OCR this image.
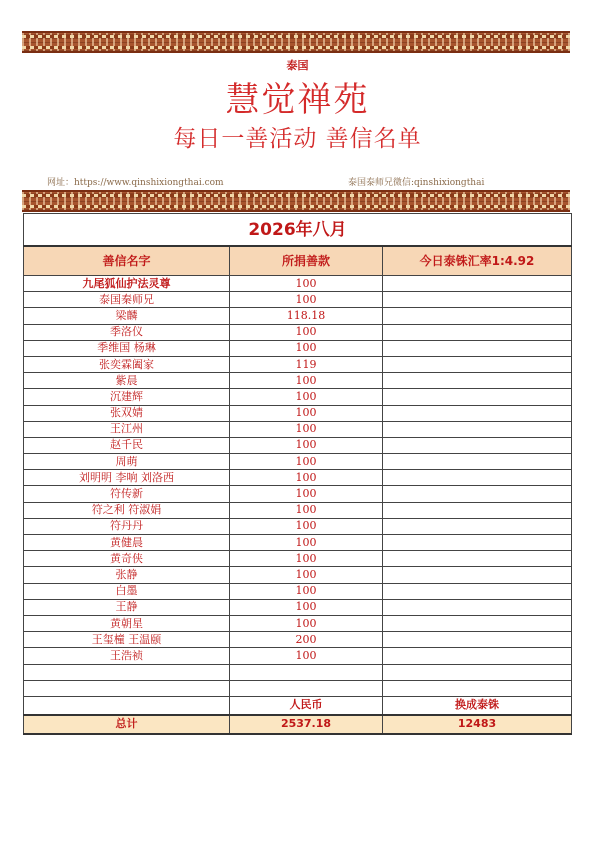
泰国
慧觉禅苑
每日一善活动 善信名单
网址：https://www.qinshixiongthai.com	泰国泰师兄微信:qinshixiongthai
2026年八月		
善信名字	所捐善款	今日泰铢汇率1:4.92
九尾狐仙护法灵尊	100	
泰国秦师兄	100	
梁麟	118.18	
季洛仪	100	
季维国 杨琳	100	
张奕霖阖家	119	
紫晨	100	
沉建辉	100	
张双婧	100	
王江州	100	
赵千民	100	
周萌	100	
刘明明 李响 刘洛西	100	
符传新	100	
符之利 符淑娟	100	
符丹丹	100	
黄健晨	100	
黄奇侠	100	
张静	100	
白墨	100	
王静	100	
黄朝星	100	
王玺橦 王温颐	200	
王浩祯	100	

	人民币	换成泰铢
总计	2537.18	12483
